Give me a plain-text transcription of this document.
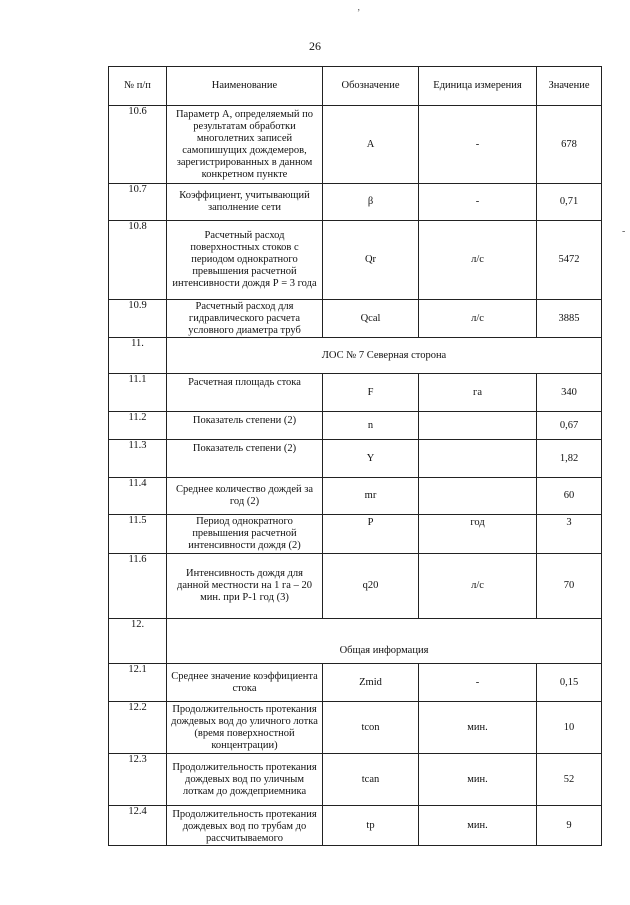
26
‚
-
№ п/п	Наименование	Обозначение	Единица измерения	Значение
10.6	Параметр А, определяемый по результатам обработки многолетних записей самопишущих дождемеров, зарегистрированных в данном конкретном пункте	A	-	678
10.7	Коэффициент, учитывающий заполнение сети	β	-	0,71
10.8	Расчетный расход поверхностных стоков с периодом однократного превышения расчетной интенсивности дождя Р = 3 года	Qr	л/с	5472
10.9	Расчетный расход для гидравлического расчета условного диаметра труб	Qcal	л/с	3885
11.	ЛОС № 7 Северная сторона			
11.1	Расчетная площадь стока	F	га	340
11.2	Показатель степени (2)	n		0,67
11.3	Показатель степени (2)	Y		1,82
11.4	Среднее количество дождей за год (2)	mr		60
11.5	Период однократного превышения расчетной интенсивности дождя (2)	P	год	3
11.6	Интенсивность дождя для данной местности на 1 га – 20 мин. при Р-1 год (3)	q20	л/с	70
12.	Общая информация			
12.1	Среднее значение коэффициента стока	Zmid	-	0,15
12.2	Продолжительность протекания дождевых вод до уличного лотка (время поверхностной концентрации)	tcon	мин.	10
12.3	Продолжительность протекания дождевых вод по уличным лоткам до дождеприемника	tcan	мин.	52
12.4	Продолжительность протекания дождевых вод по трубам до рассчитываемого	tp	мин.	9
